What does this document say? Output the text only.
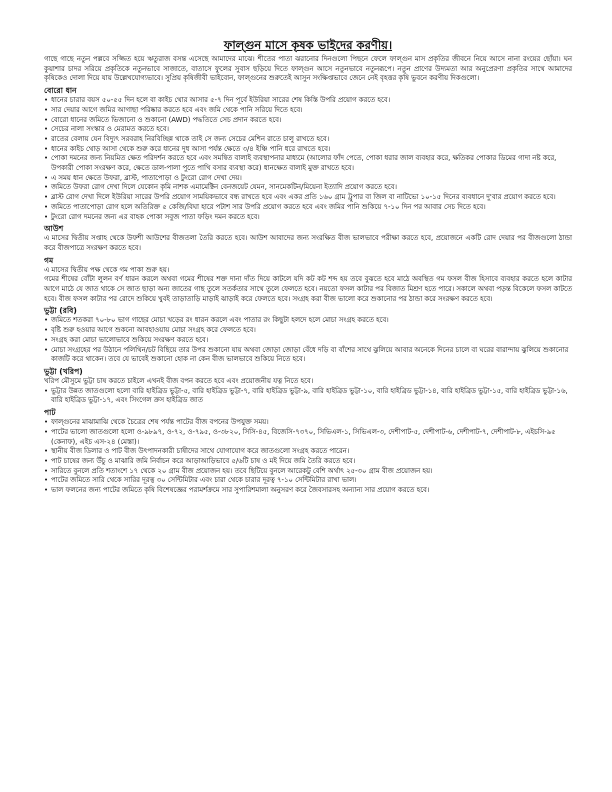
ফাল্গুন মাসে কৃষক ভাইদের করণীয়।

গাছে গাছে নতুন পল্লবে সজ্জিত হয়ে ঋতুরাজ বসন্ত এসেছে আমাদের মাঝে। শীতের পাতা ঝরানোর দিনগুলো পিছনে ফেলে ফাল্গুন মাস প্রকৃতির জীবনে নিয়ে আসে নানা রংয়ের ছোঁয়া। ঘন কুয়াশার চাদর সরিয়ে প্রকৃতিকে নতুনভাবে সাজাতে, বাতাসে ফুলের সুবাস ছড়িয়ে দিতে ফাল্গুন আসে নতুনভাবে নতুনরূপে। নতুন প্রাণের উদ্যমতা আর অনুপ্রেরণা প্রকৃতির সাথে আমাদের কৃষিকেও দোলা দিয়ে যায় উল্লেখযোগ্যভাবে। সুপ্রিয় কৃষিজীবী ভাইবোন, ফাল্গুনের শুরুতেই আসুন সংক্ষিপ্তভাবে জেনে নেই বৃহত্তর কৃষি ভুবনে করণীয় দিকগুলো।

বোরো ধান
• ধানের চারার বয়স ৫০-৫৫ দিন হলে বা কাইচ থোর আসার ৫-৭ দিন পূর্বে ইউরিয়া সারের শেষ কিস্তি উপরি প্রয়োগ করতে হবে।
• সার দেয়ার আগে জমির আগাছা পরিষ্কার করতে হবে এবং জমি থেকে পানি সরিয়ে দিতে হবে।
• বোরো ধানের জমিতে ভিজানো ও শুকানো (AWD) পদ্ধতিতে সেচ প্রদান করতে হবে।
• সেচের নালা সংস্কার ও মেরামত করতে হবে।
• রাতের বেলায় যেন বিদ্যুৎ সরবরাহ নিরবিচ্ছিন্ন থাকে তাই সে জন্য সেচের মেশিন রাতে চালু রাখতে হবে।
• ধানের কাইচ থোড় আসা থেকে শুরু করে ধানের দুধ আসা পর্যন্ত ক্ষেতে ৩/৪ ইঞ্চি পানি ধরে রাখতে হবে।
• পোকা দমনের জন্য নিয়মিত ক্ষেত পরিদর্শন করতে হবে এবং সমন্বিত বালাই ব্যবস্থাপনার মাধ্যমে (আলোর ফাঁদ পেতে, পোকা ধরার জাল ব্যবহার করে, ক্ষতিকর পোকার ডিমের গাদা নষ্ট করে, উপকারী পোকা সংরক্ষণ করে, ক্ষেতে ডাল-পালা পুতে পাখি বসার ব্যবস্থা করে) ধানক্ষেত বালাই মুক্ত রাখতে হবে।
• এ সময় ধান ক্ষেতে উফরা, ব্লাস্ট, পাতাপোড়া ও টুংরো রোগ দেখা দেয়।
• জমিতে উফরা রোগ দেখা দিলে যেকোন কৃমি নাশক এমামেক্টিন বেনজয়েট যেমন, সানমেকটিন/মিয়েনা ইত্যাদি প্রয়োগ করতে হবে।
• ব্লাস্ট রোগ দেখা দিলে ইউরিয়া সারের উপরি প্রয়োগ সাময়িকভাবে বন্ধ রাখতে হবে এবং একর প্রতি ১৬০ গ্রাম ট্রুপার বা জিল বা নাটিভো ১০-১৫ দিনের ব্যবধানে দু'বার প্রয়োগ করতে হবে।
• জমিতে পাতাপোড়া রোগ হলে অতিরিক্ত ৫ কেজি/বিঘা হারে পটাশ সার উপরি প্রয়োগ করতে হবে এবং জমির পানি শুকিয়ে ৭-১০ দিন পর আবার সেচ দিতে হবে।
• টুংরো রোগ দমনের জন্য এর বাহক পোকা সবুজ পাতা ফড়িং দমন করতে হবে।
আউশ

এ মাসের দ্বিতীয় সপ্তাহ থেকে উফশী আউশের বীজতলা তৈরি করতে হবে। আউশ আবাদের জন্য সংরক্ষিত বীজ ভালভাবে পরীক্ষা করতে হবে, প্রয়োজনে একটি রোদ দেয়ার পর বীজগুলো ঠান্ডা করে বীজপাত্রে সংরক্ষণ করতে হবে।

গম

এ মাসের দ্বিতীয় পক্ষ থেকে গম পাকা শুরু হয়।

গমের শীষের বোঁটা লুলন বর্ণ ধারন করলে অথবা গমের শীষের শক্ত দানা দাঁত দিয়ে কাটলে যদি কট কট শব্দ হয় তবে বুঝতে হবে মাঠে অবস্থিত গম ফসল বীজ হিসাবে ব্যবহার করতে হলে কাটার আগে মাঠে যে জাত থাকে সে জাত ছাড়া অন্য জাতের গাছ তুলে সতর্কতার সাথে তুলে ফেলতে হবে। নয়তো ফসল কাটার পর বিজাত মিশ্রণ হতে পারে। সকালে অথবা পড়ন্ত বিকেলে ফসল কাটতে হবে। বীজ ফসল কাটার পর রোদে শুকিয়ে খুবই তাড়াতাড়ি মাড়াই ঝাড়াই করে ফেলতে হবে। সংগ্রহ করা বীজ ভালো করে শুকানোর পর ঠান্ডা করে সংরক্ষণ করতে হবে।

ভুট্টা (রবি)
• জমিতে শতকরা ৭০-৮০ ভাগ গাছের মোচা খড়ের রং ধারন করলে এবং পাতার রং কিছুটা হলদে হলে মোচা সংগ্রহ করতে হবে।
• বৃষ্টি শুরু হওয়ার আগে শুকনো আবহাওয়ায় মোচা সংগ্রহ করে ফেলতে হবে।
• সংগ্রহ করা মোচা ভালোভাবে শুকিয়ে সংরক্ষণ করতে হবে।
• মোচা সংগ্রহের পর উঠানে পলিথিন/চট বিছিয়ে তার উপর শুকানো যায় অথবা জোড়া জোড়া বেঁধে দড়ি বা বাঁশের সাথে ঝুলিয়ে আবার অনেকে দিনের চালে বা ঘরের বারান্দায় ঝুলিয়ে শুকানোর কাজটি করে থাকেন। তবে যে ভাবেই শুকানো হোক না কেন বীজ ভালভাবে শুকিয়ে নিতে হবে।
ভুট্টা (খরিপ)

খরিপ মৌসুমে ভুট্টা চাষ করতে চাইলে এখনই বীজ বপন করতে হবে এবং প্রয়োজনীয় যত্ন নিতে হবে।

• ভুট্টার উন্নত জাতগুলো হলো বারি হাইব্রিড ভুট্টা-৫, বারি হাইব্রিড ভুট্টা-৭, বারি হাইব্রিড ভুট্টা-৯, বারি হাইব্রিড ভুট্টা-১০, বারি হাইব্রিড ভুট্টা-১৪, বারি হাইব্রিড ভুট্টা-১৫, বারি হাইব্রিড ভুট্টা-১৬, বারি হাইব্রিড ভুট্টা-১৭, এবং সিংগেল ক্রস হাইব্রিড জাত
পাট
• ফাল্গুনের মাঝামাঝি থেকে চৈত্রের শেষ পর্যন্ত পাটের বীজ বপনের উপযুক্ত সময়।
• পাটের ভালো জাতগুলো হলো ও-৯৮৯৭, ও-৭২, ও-৭৯৫, ও-৩৮২০, সিসি-৪৫, বিজেসি-৭৩৭০, সিভিএল-১, সিভিএল-৩, দেশীপাট-৫, দেশীপাট-৬, দেশীপাট-৭, দেশীপাট-৮, এইচসি-৯৫ (কেনাফ), এইচ এস-২৪ (মেস্তা)।
• স্থানীয় বীজ ডিলার ও পাট বীজ উৎপাদনকারী চাষীদের সাথে যোগাযোগ করে জাতগুলো সংগ্রহ করতে পারেন।
• পাট চাষের জন্য উঁচু ও মাঝারি জমি নির্বাচন করে আড়াআড়িভাবে ৫/৬টি চাষ ও মই দিয়ে জমি তৈরি করতে হবে।
• সারিতে বুনলে প্রতি শতাংশে ১৭ থেকে ২০ গ্রাম বীজ প্রয়োজন হয়। তবে ছিটিয়ে বুনলে আরেকটু বেশি অর্থাৎ ২৫-৩০ গ্রাম বীজ প্রয়োজন হয়।
• পাটের জমিতে সারি থেকে সারির দূরত্ব ৩০ সেন্টিমিটার এবং চারা থেকে চারার দূরত্ব ৭-১০ সেন্টিমিটার রাখা ভাল।
• ভাল ফলনের জন্য পাটের জমিতে কৃষি বিশেষজ্ঞের পরামর্শক্রমে সার সুপারিশমালা অনুসরণ করে জৈবসারসহ অন্যান্য সার প্রয়োগ করতে হবে।
